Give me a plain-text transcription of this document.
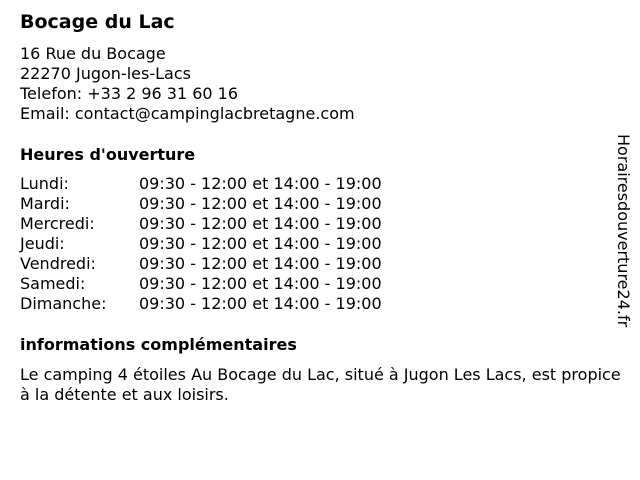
Bocage du Lac
16 Rue du Bocage
22270 Jugon-les-Lacs
Telefon: +33 2 96 31 60 16
Email: contact@campinglacbretagne.com
Heures d'ouverture
Lundi:	09:30 - 12:00 et 14:00 - 19:00
Mardi:	09:30 - 12:00 et 14:00 - 19:00
Mercredi:	09:30 - 12:00 et 14:00 - 19:00
Jeudi:	09:30 - 12:00 et 14:00 - 19:00
Vendredi:	09:30 - 12:00 et 14:00 - 19:00
Samedi:	09:30 - 12:00 et 14:00 - 19:00
Dimanche:	09:30 - 12:00 et 14:00 - 19:00
informations complémentaires
Le camping 4 étoiles Au Bocage du Lac, situé à Jugon Les Lacs, est propice à la détente et aux loisirs.
Horairesdouverture24.fr
